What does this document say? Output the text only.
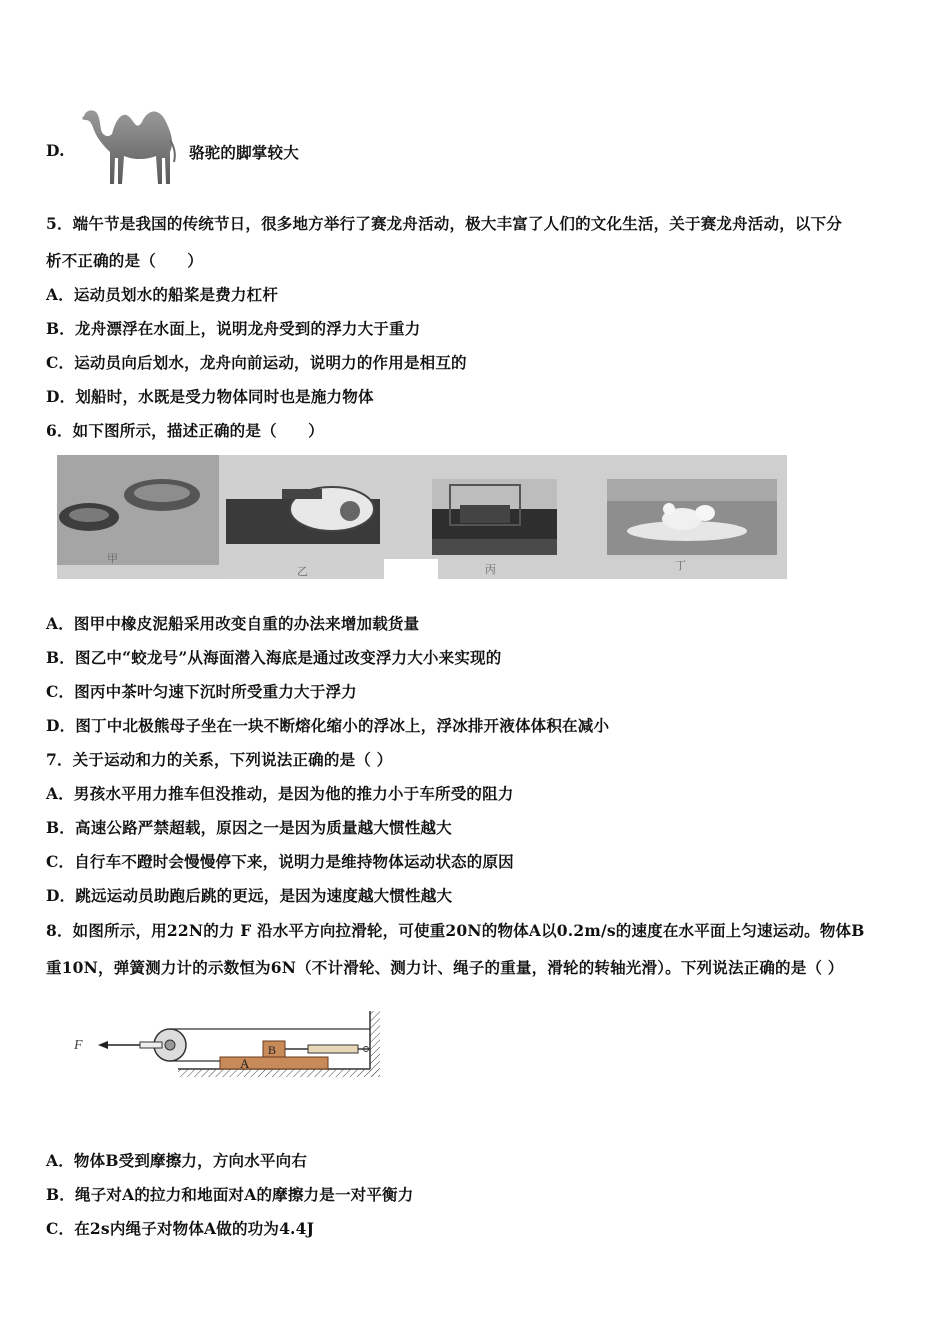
D.	骆驼的脚掌较大
5．端午节是我国的传统节日，很多地方举行了赛龙舟活动，极大丰富了人们的文化生活，关于赛龙舟活动，以下分
析不正确的是（　　）
A．运动员划水的船桨是费力杠杆
B．龙舟漂浮在水面上，说明龙舟受到的浮力大于重力
C．运动员向后划水，龙舟向前运动，说明力的作用是相互的
D．划船时，水既是受力物体同时也是施力物体
6．如下图所示，描述正确的是（　　）
甲
乙	丙	丁
A．图甲中橡皮泥船采用改变自重的办法来增加载货量
B．图乙中“蛟龙号”从海面潜入海底是通过改变浮力大小来实现的
C．图丙中茶叶匀速下沉时所受重力大于浮力
D．图丁中北极熊母子坐在一块不断熔化缩小的浮冰上，浮冰排开液体体积在减小
7．关于运动和力的关系，下列说法正确的是（ ）
A．男孩水平用力推车但没推动，是因为他的推力小于车所受的阻力
B．高速公路严禁超载，原因之一是因为质量越大惯性越大
C．自行车不蹬时会慢慢停下来，说明力是维持物体运动状态的原因
D．跳远运动员助跑后跳的更远，是因为速度越大惯性越大
8．如图所示，用22N的力 F 沿水平方向拉滑轮，可使重20N的物体A以0.2m/s的速度在水平面上匀速运动。物体B
重10N，弹簧测力计的示数恒为6N（不计滑轮、测力计、绳子的重量，滑轮的转轴光滑）。下列说法正确的是（ ）
F
A
B
A．物体B受到摩擦力，方向水平向右
B．绳子对A的拉力和地面对A的摩擦力是一对平衡力
C．在2s内绳子对物体A做的功为4.4J
